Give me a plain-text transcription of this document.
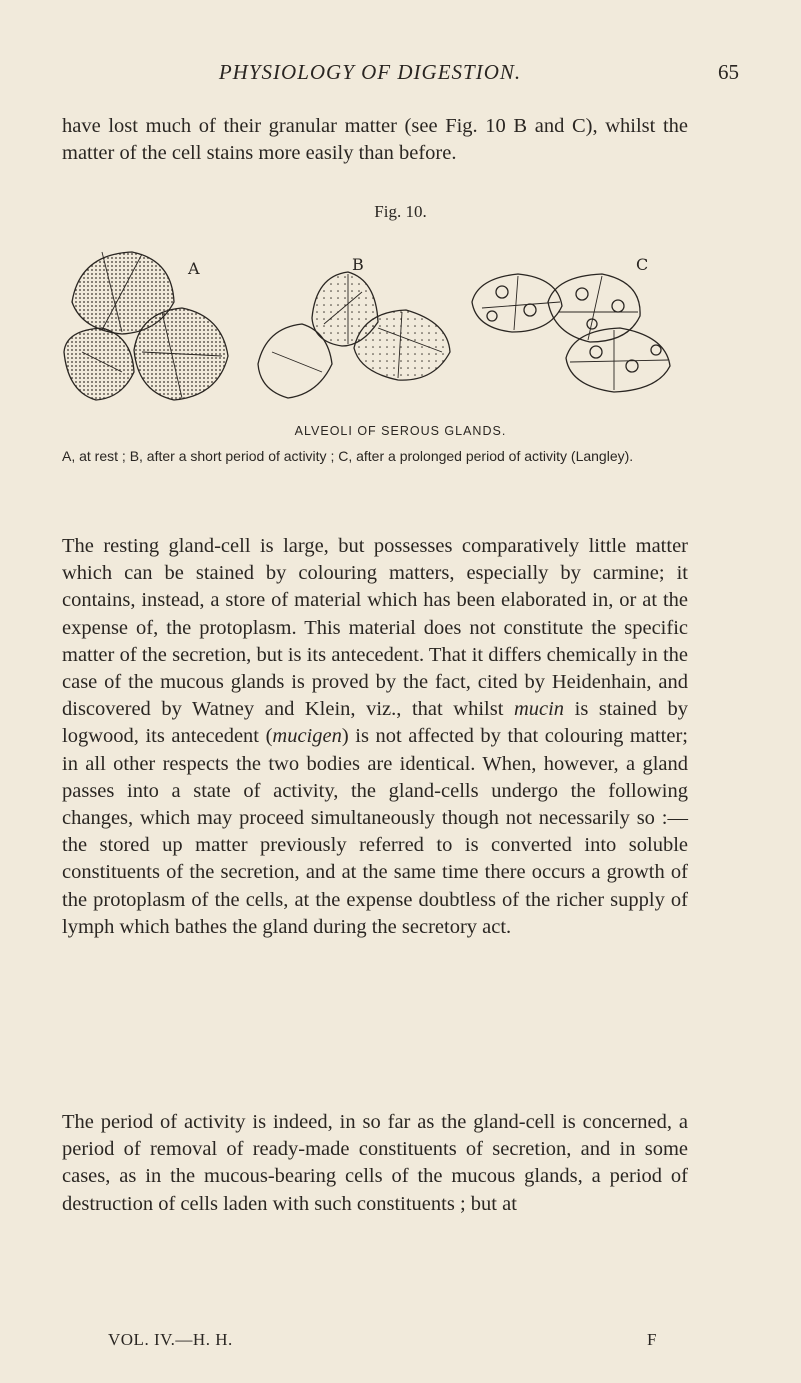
PHYSIOLOGY OF DIGESTION.	65
have lost much of their granular matter (see Fig. 10 B and C), whilst the matter of the cell stains more easily than before.
Fig. 10.
A	B	C
ALVEOLI OF SEROUS GLANDS.
A, at rest ; B, after a short period of activity ; C, after a prolonged period of activity (Langley).
The resting gland-cell is large, but possesses comparatively little matter which can be stained by colouring matters, especially by carmine; it contains, instead, a store of material which has been elaborated in, or at the expense of, the protoplasm. This material does not constitute the specific matter of the secretion, but is its antecedent. That it differs chemically in the case of the mucous glands is proved by the fact, cited by Heidenhain, and discovered by Watney and Klein, viz., that whilst mucin is stained by logwood, its antecedent (mucigen) is not affected by that colouring matter; in all other respects the two bodies are identical. When, however, a gland passes into a state of activity, the gland-cells undergo the following changes, which may proceed simultaneously though not necessarily so :—the stored up matter previously referred to is converted into soluble constituents of the secretion, and at the same time there occurs a growth of the protoplasm of the cells, at the expense doubtless of the richer supply of lymph which bathes the gland during the secretory act.
The period of activity is indeed, in so far as the gland-cell is concerned, a period of removal of ready-made constituents of secretion, and in some cases, as in the mucous-bearing cells of the mucous glands, a period of destruction of cells laden with such constituents ; but at
VOL. IV.—H. H.	F
